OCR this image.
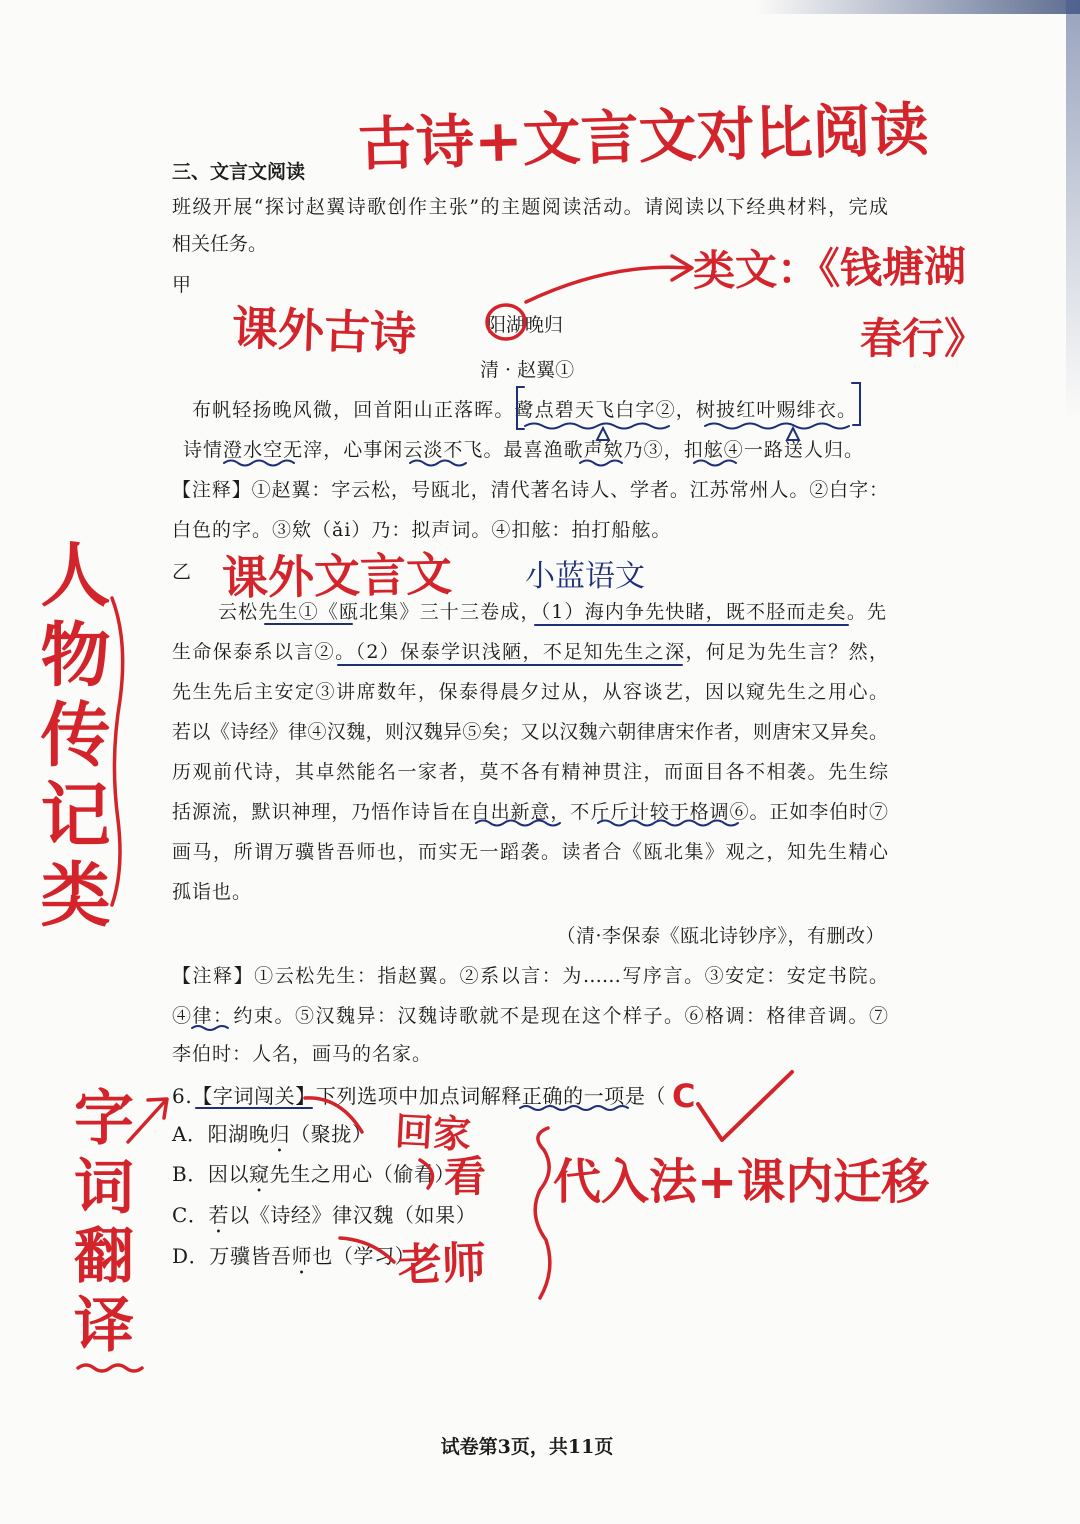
三、文言文阅读
班级开展“探讨赵翼诗歌创作主张”的主题阅读活动。请阅读以下经典材料，完成
相关任务。
甲
阳湖晚归
清 · 赵翼①
布帆轻扬晚风微，回首阳山正落晖。鹭点碧天飞白字②，树披红叶赐绯衣。
诗情澄水空无滓，心事闲云淡不飞。最喜渔歌声欸乃③，扣舷④一路送人归。
【注释】①赵翼：字云松，号瓯北，清代著名诗人、学者。江苏常州人。②白字：
白色的字。③欸（ǎi）乃：拟声词。④扣舷：拍打船舷。
乙
云松先生①《瓯北集》三十三卷成，（1）海内争先快睹，既不胫而走矣。先
生命保泰系以言②。（2）保泰学识浅陋，不足知先生之深，何足为先生言？然，
先生先后主安定③讲席数年，保泰得晨夕过从，从容谈艺，因以窥先生之用心。
若以《诗经》律④汉魏，则汉魏异⑤矣；又以汉魏六朝律唐宋作者，则唐宋又异矣。
历观前代诗，其卓然能名一家者，莫不各有精神贯注，而面目各不相袭。先生综
括源流，默识神理，乃悟作诗旨在自出新意，不斤斤计较于格调⑥。正如李伯时⑦
画马，所谓万骥皆吾师也，而实无一蹈袭。读者合《瓯北集》观之，知先生精心
孤诣也。
（清·李保泰《瓯北诗钞序》，有删改）
【注释】①云松先生：指赵翼。②系以言：为……写序言。③安定：安定书院。
④律：约束。⑤汉魏异：汉魏诗歌就不是现在这个样子。⑥格调：格律音调。⑦
李伯时：人名，画马的名家。
6.【字词闯关】下列选项中加点词解释正确的一项是（
A．阳湖晚归（聚拢）
B．因以窥先生之用心（偷看）
C．若以《诗经》律汉魏（如果）
D．万骥皆吾师也（学习）
试卷第3页，共11页
古诗+文言文对比阅读
课外古诗
类文：《钱塘湖
春行》
课外文言文 小蓝语文
人物传记类
字词翻译	C
回家
看
老师
代入法+课内迁移
